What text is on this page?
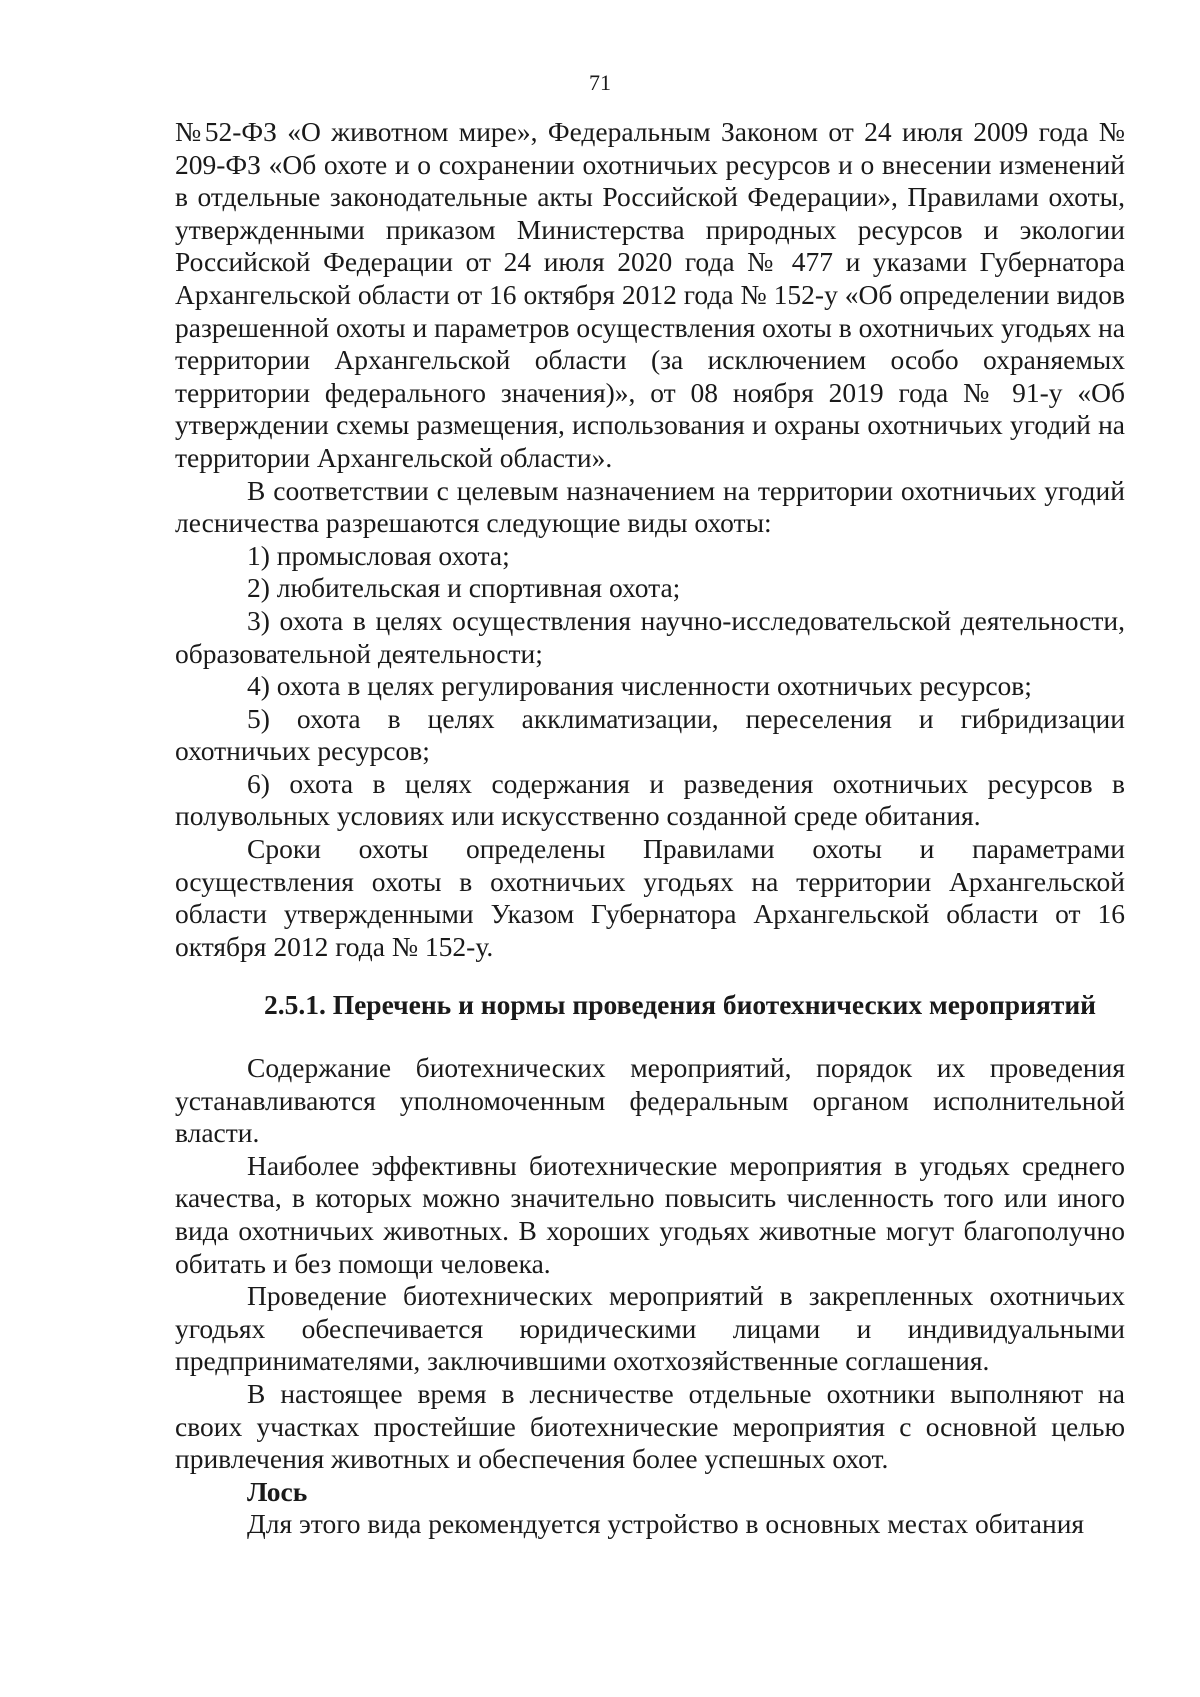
71

№52-ФЗ «О животном мире», Федеральным Законом от 24 июля 2009 года № 209-ФЗ «Об охоте и о сохранении охотничьих ресурсов и о внесении изменений в отдельные законодательные акты Российской Федерации», Правилами охоты, утвержденными приказом Министерства природных ресурсов и экологии Российской Федерации от 24 июля 2020 года № 477 и указами Губернатора Архангельской области от 16 октября 2012 года № 152-у «Об определении видов разрешенной охоты и параметров осуществления охоты в охотничьих угодьях на территории Архангельской области (за исключением особо охраняемых территории федерального значения)», от 08 ноября 2019 года № 91-у «Об утверждении схемы размещения, использования и охраны охотничьих угодий на территории Архангельской области».

В соответствии с целевым назначением на территории охотничьих угодий лесничества разрешаются следующие виды охоты:

1) промысловая охота;

2) любительская и спортивная охота;

3) охота в целях осуществления научно-исследовательской деятельности, образовательной деятельности;

4) охота в целях регулирования численности охотничьих ресурсов;

5) охота в целях акклиматизации, переселения и гибридизации охотничьих ресурсов;

6) охота в целях содержания и разведения охотничьих ресурсов в полувольных условиях или искусственно созданной среде обитания.

Сроки охоты определены Правилами охоты и параметрами осуществления охоты в охотничьих угодьях на территории Архангельской области утвержденными Указом Губернатора Архангельской области от 16 октября 2012 года № 152-у.

2.5.1. Перечень и нормы проведения биотехнических мероприятий

Содержание биотехнических мероприятий, порядок их проведения устанавливаются уполномоченным федеральным органом исполнительной власти.

Наиболее эффективны биотехнические мероприятия в угодьях среднего качества, в которых можно значительно повысить численность того или иного вида охотничьих животных. В хороших угодьях животные могут благополучно обитать и без помощи человека.

Проведение биотехнических мероприятий в закрепленных охотничьих угодьях обеспечивается юридическими лицами и индивидуальными предпринимателями, заключившими охотхозяйственные соглашения.

В настоящее время в лесничестве отдельные охотники выполняют на своих участках простейшие биотехнические мероприятия с основной целью привлечения животных и обеспечения более успешных охот.

Лось

Для этого вида рекомендуется устройство в основных местах обитания
